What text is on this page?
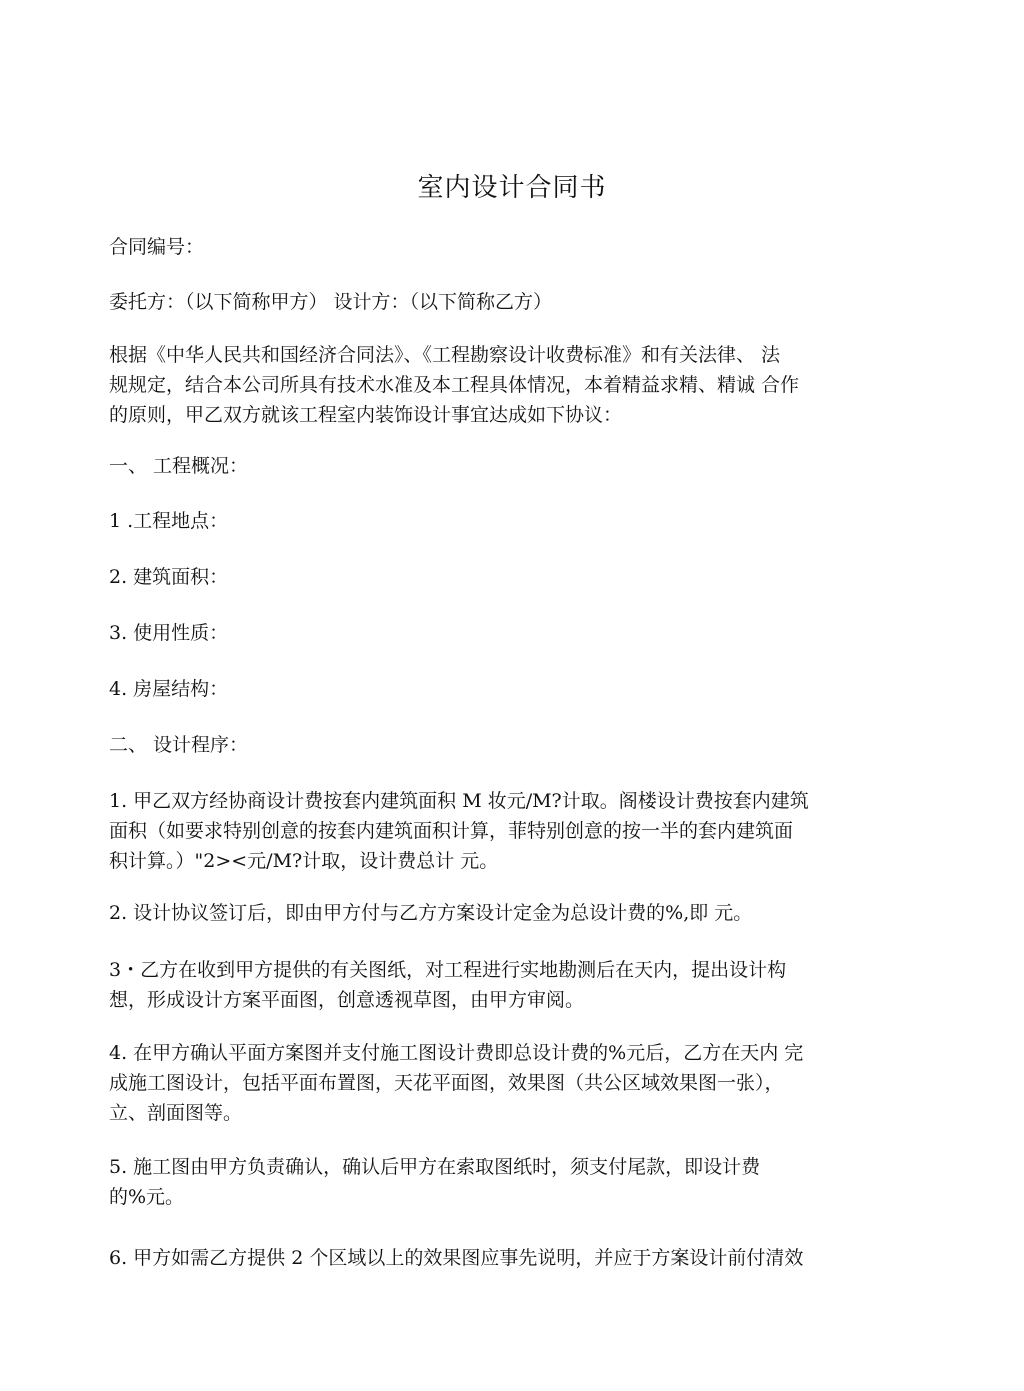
室内设计合同书
合同编号：
委托方：（以下简称甲方） 设计方：（以下简称乙方）
根据《中华人民共和国经济合同法》、《工程勘察设计收费标准》和有关法律、 法
规规定，结合本公司所具有技术水准及本工程具体情况，本着精益求精、精诚 合作
的原则，甲乙双方就该工程室内装饰设计事宜达成如下协议：
一、 工程概况：
1 .工程地点：
2. 建筑面积：
3. 使用性质：
4. 房屋结构：
二、 设计程序：
1. 甲乙双方经协商设计费按套内建筑面积 M 妆元/M?计取。阁楼设计费按套内建筑
面积（如要求特别创意的按套内建筑面积计算，菲特别创意的按一半的套内建筑面
积计算。）"2><元/M?计取，设计费总计 元。
2. 设计协议签订后，即由甲方付与乙方方案设计定金为总设计费的%,即 元。
3・乙方在收到甲方提供的有关图纸，对工程进行实地勘测后在天内，提出设计构
想，形成设计方案平面图，创意透视草图，由甲方审阅。
4. 在甲方确认平面方案图并支付施工图设计费即总设计费的%元后，乙方在天内 完
成施工图设计，包括平面布置图，天花平面图，效果图（共公区域效果图一张），
立、剖面图等。
5. 施工图由甲方负责确认，确认后甲方在索取图纸时，须支付尾款，即设计费
的%元。
6. 甲方如需乙方提供 2 个区域以上的效果图应事先说明，并应于方案设计前付清效
